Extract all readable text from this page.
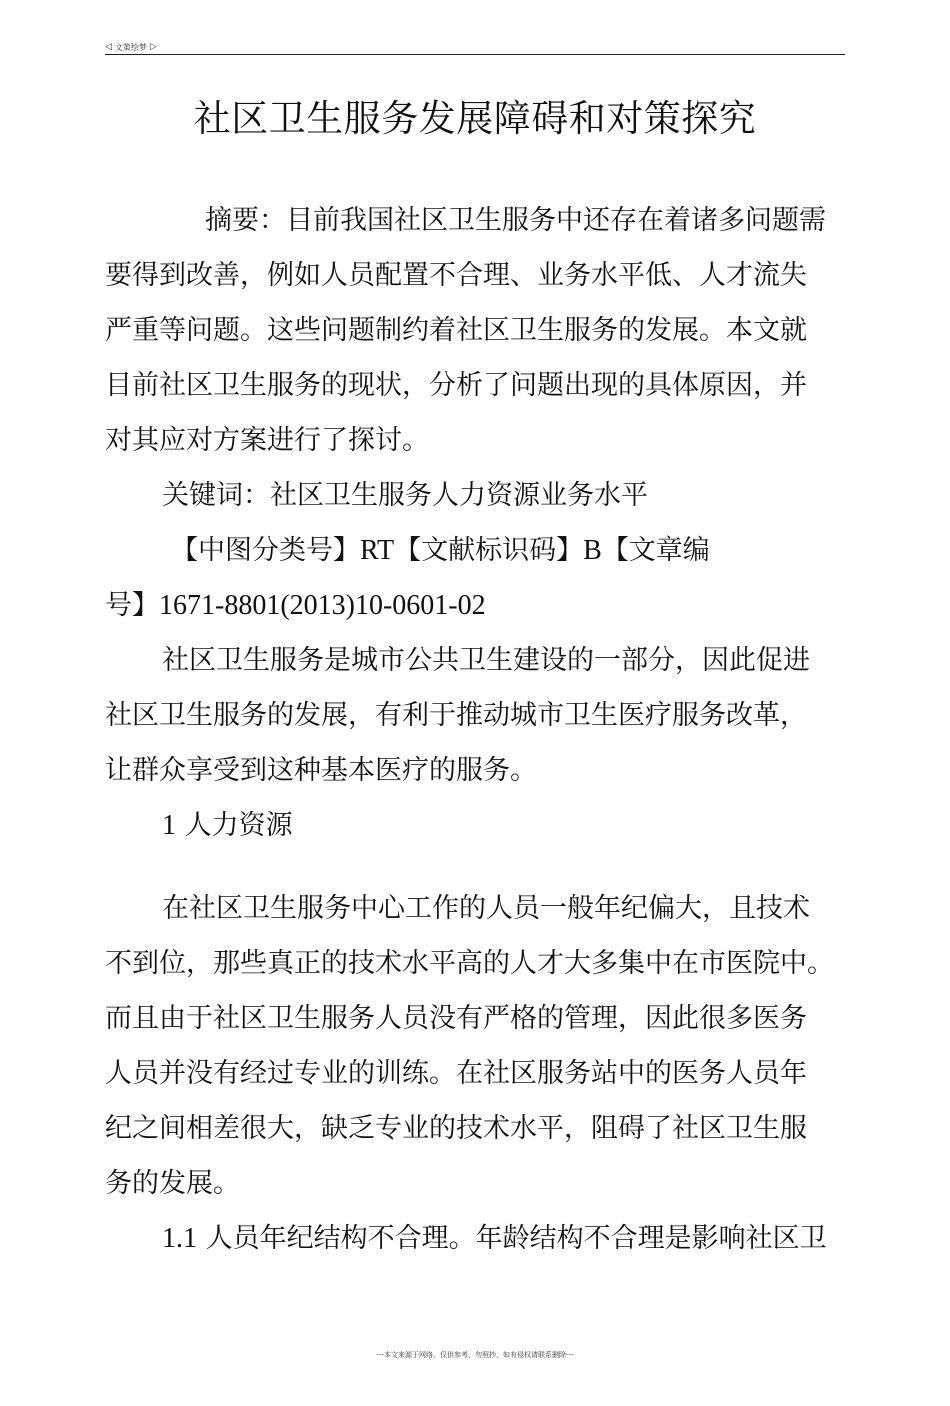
◁ 文策绘梦 ▷
社区卫生服务发展障碍和对策探究
摘要：目前我国社区卫生服务中还存在着诸多问题需
要得到改善，例如人员配置不合理、业务水平低、人才流失
严重等问题。这些问题制约着社区卫生服务的发展。本文就
目前社区卫生服务的现状，分析了问题出现的具体原因，并
对其应对方案进行了探讨。
关键词：社区卫生服务人力资源业务水平
【中图分类号】RT【文献标识码】B【文章编
号】1671-8801(2013)10-0601-02
社区卫生服务是城市公共卫生建设的一部分，因此促进
社区卫生服务的发展，有利于推动城市卫生医疗服务改革，
让群众享受到这种基本医疗的服务。
1 人力资源
在社区卫生服务中心工作的人员一般年纪偏大，且技术
不到位，那些真正的技术水平高的人才大多集中在市医院中。
而且由于社区卫生服务人员没有严格的管理，因此很多医务
人员并没有经过专业的训练。在社区服务站中的医务人员年
纪之间相差很大，缺乏专业的技术水平，阻碍了社区卫生服
务的发展。
1.1 人员年纪结构不合理。年龄结构不合理是影响社区卫
---本文来源于网络，仅供参考，勿照抄，如有侵权请联系删除---
